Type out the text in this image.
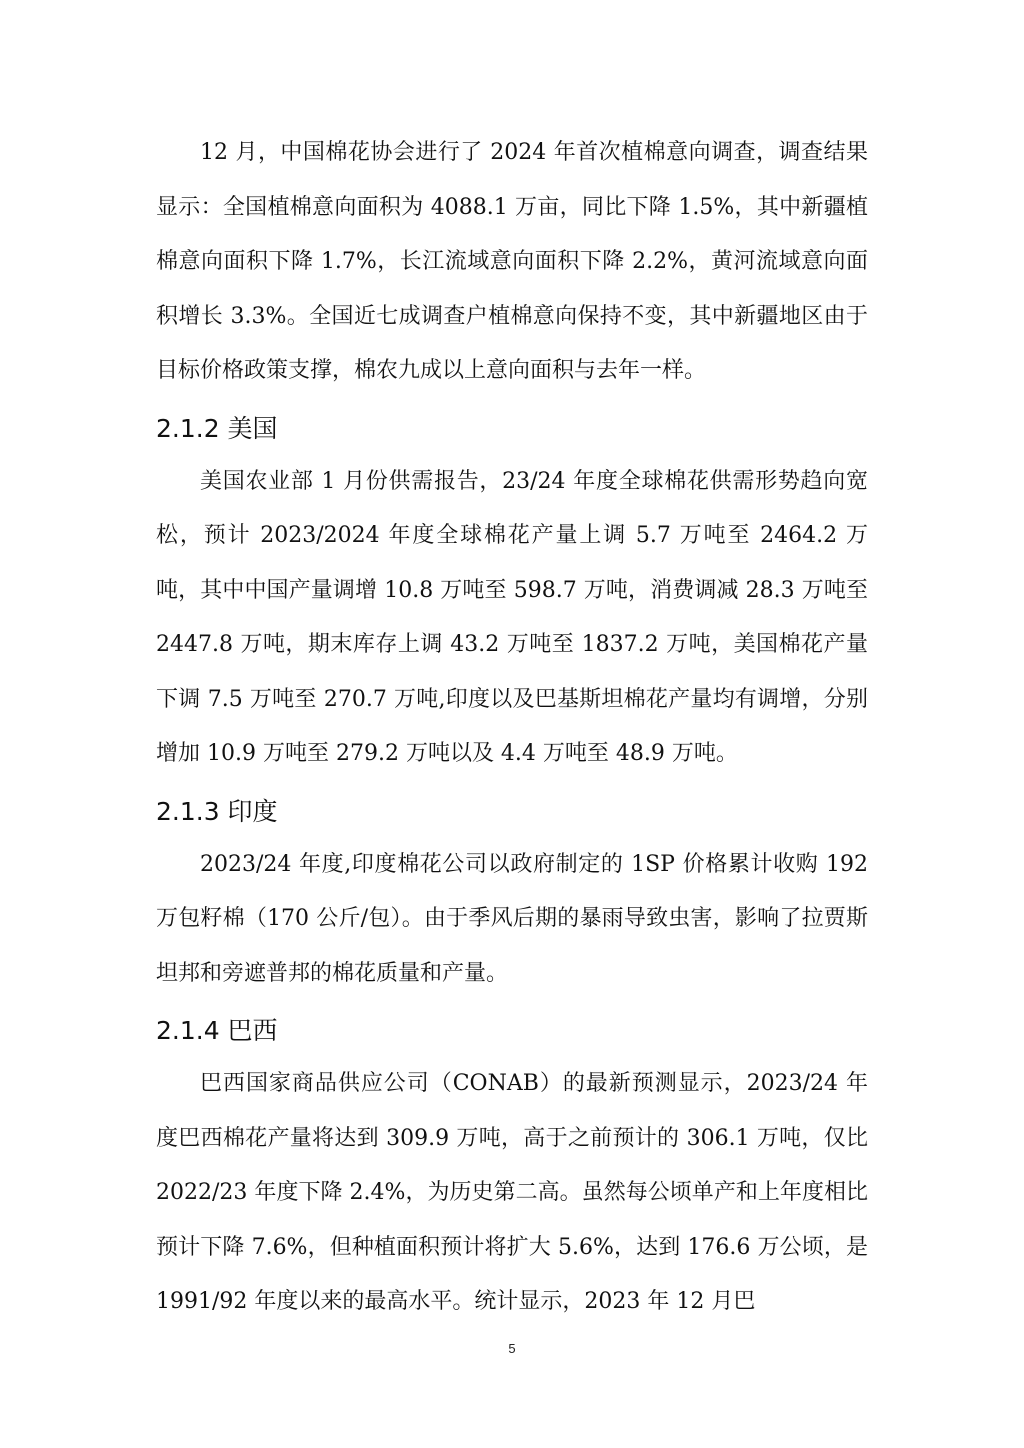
12 月，中国棉花协会进行了 2024 年首次植棉意向调查，调查结果显示：全国植棉意向面积为 4088.1 万亩，同比下降 1.5%，其中新疆植棉意向面积下降 1.7%，长江流域意向面积下降 2.2%，黄河流域意向面积增长 3.3%。全国近七成调查户植棉意向保持不变，其中新疆地区由于目标价格政策支撑，棉农九成以上意向面积与去年一样。

2.1.2 美国

美国农业部 1 月份供需报告，23/24 年度全球棉花供需形势趋向宽松，预计 2023/2024 年度全球棉花产量上调 5.7 万吨至 2464.2 万吨，其中中国产量调增 10.8 万吨至 598.7 万吨，消费调减 28.3 万吨至 2447.8 万吨，期末库存上调 43.2 万吨至 1837.2 万吨，美国棉花产量下调 7.5 万吨至 270.7 万吨,印度以及巴基斯坦棉花产量均有调增，分别增加 10.9 万吨至 279.2 万吨以及 4.4 万吨至 48.9 万吨。

2.1.3 印度

2023/24 年度,印度棉花公司以政府制定的 1SP 价格累计收购 192 万包籽棉（170 公斤/包）。由于季风后期的暴雨导致虫害，影响了拉贾斯坦邦和旁遮普邦的棉花质量和产量。

2.1.4 巴西

巴西国家商品供应公司（CONAB）的最新预测显示，2023/24 年度巴西棉花产量将达到 309.9 万吨，高于之前预计的 306.1 万吨，仅比 2022/23 年度下降 2.4%，为历史第二高。虽然每公顷单产和上年度相比预计下降 7.6%，但种植面积预计将扩大 5.6%，达到 176.6 万公顷，是 1991/92 年度以来的最高水平。统计显示，2023 年 12 月巴

5
